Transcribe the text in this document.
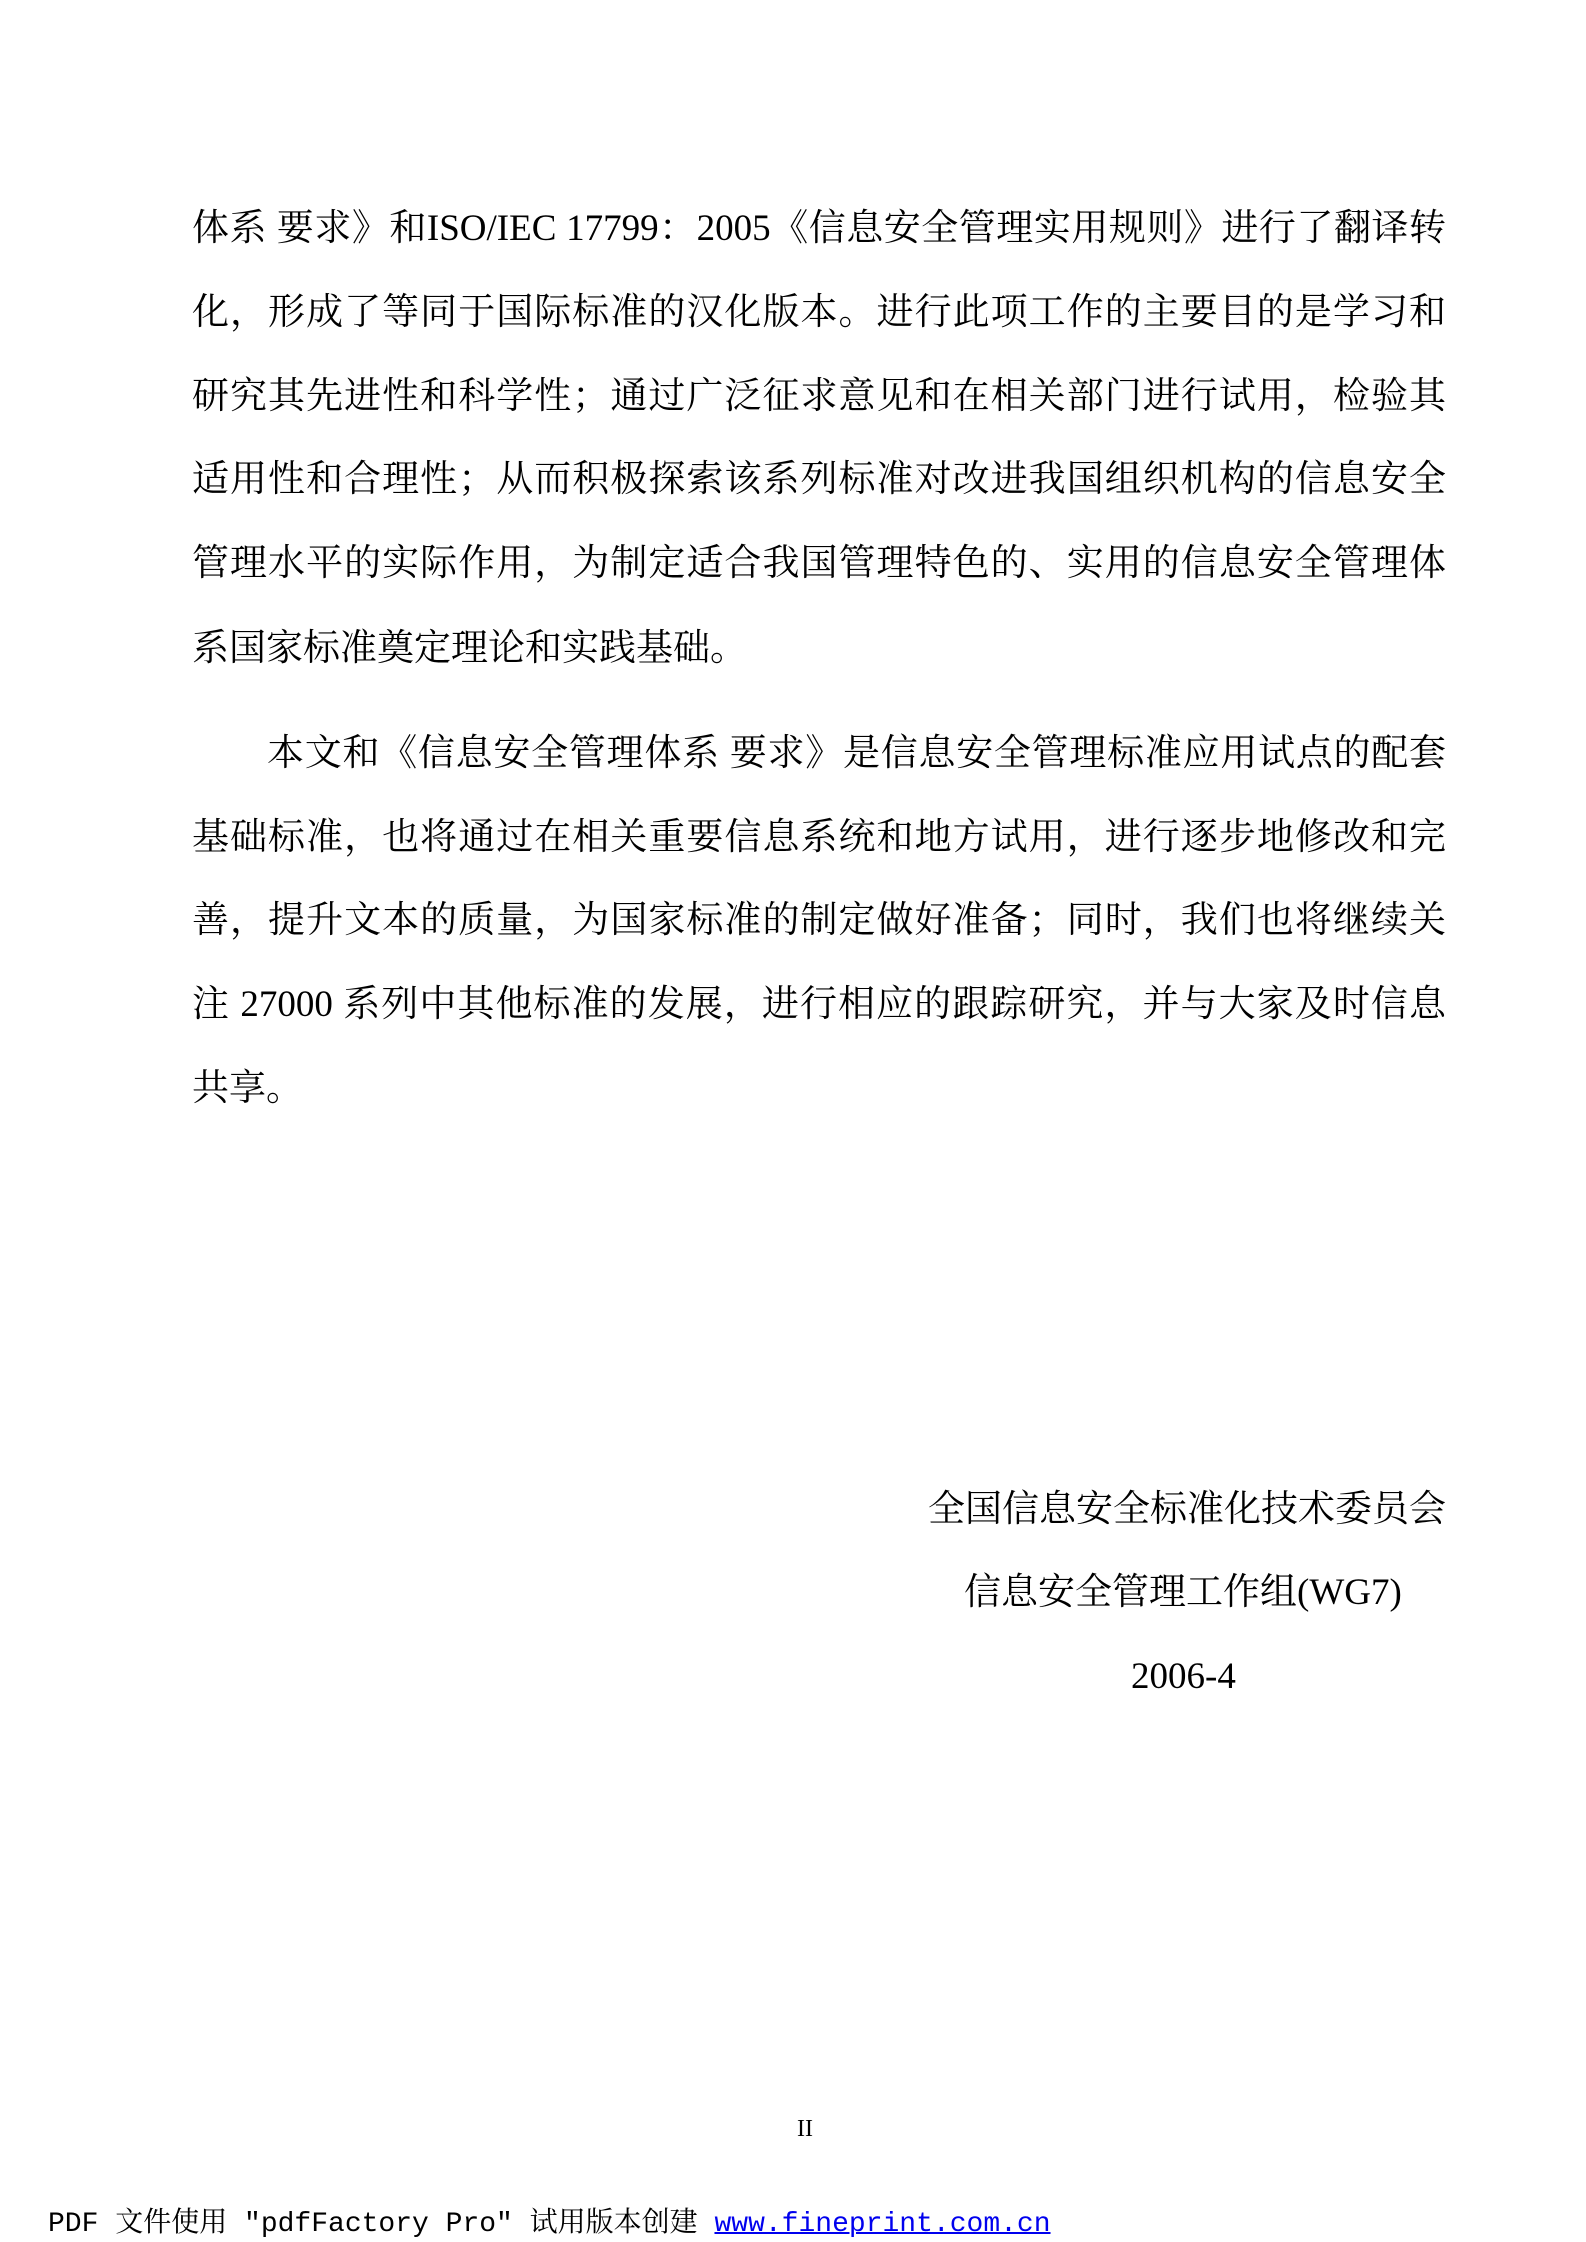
体系 要求》和ISO/IEC 17799：2005《信息安全管理实用规则》进行了翻译转
化，形成了等同于国际标准的汉化版本。进行此项工作的主要目的是学习和
研究其先进性和科学性；通过广泛征求意见和在相关部门进行试用，检验其
适用性和合理性；从而积极探索该系列标准对改进我国组织机构的信息安全
管理水平的实际作用，为制定适合我国管理特色的、实用的信息安全管理体
系国家标准奠定理论和实践基础。
本文和《信息安全管理体系 要求》是信息安全管理标准应用试点的配套
基础标准，也将通过在相关重要信息系统和地方试用，进行逐步地修改和完
善，提升文本的质量，为国家标准的制定做好准备；同时，我们也将继续关
注 27000 系列中其他标准的发展，进行相应的跟踪研究，并与大家及时信息
共享。
全国信息安全标准化技术委员会
信息安全管理工作组(WG7)
2006-4
II
PDF 文件使用 "pdfFactory Pro" 试用版本创建 www.fineprint.com.cn
